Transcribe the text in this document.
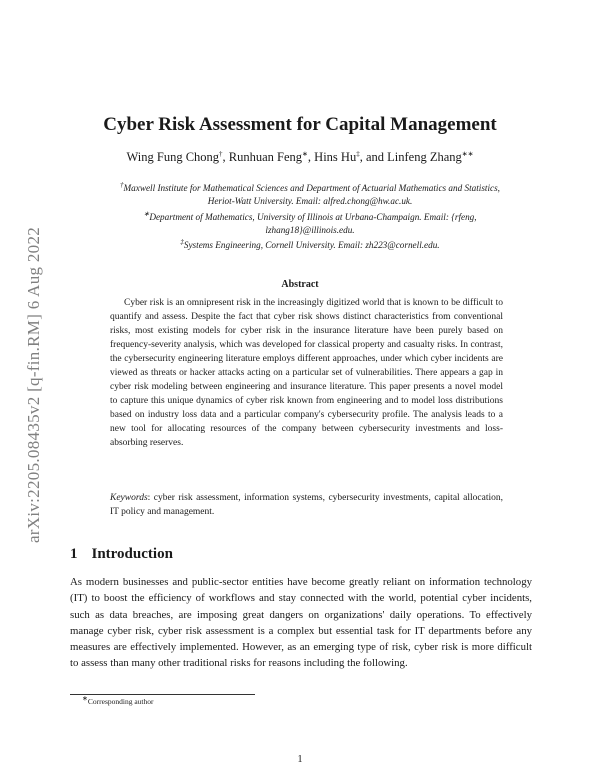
arXiv:2205.08435v2 [q-fin.RM] 6 Aug 2022
Cyber Risk Assessment for Capital Management
Wing Fung Chong†, Runhuan Feng∗, Hins Hu‡, and Linfeng Zhang∗∗
†Maxwell Institute for Mathematical Sciences and Department of Actuarial Mathematics and Statistics,
Heriot-Watt University. Email: alfred.chong@hw.ac.uk.
∗Department of Mathematics, University of Illinois at Urbana-Champaign. Email: {rfeng,
lzhang18}@illinois.edu.
‡Systems Engineering, Cornell University. Email: zh223@cornell.edu.
Abstract

Cyber risk is an omnipresent risk in the increasingly digitized world that is known to be difficult to quantify and assess. Despite the fact that cyber risk shows distinct characteristics from conventional risks, most existing models for cyber risk in the insurance literature have been purely based on frequency-severity analysis, which was developed for classical property and casualty risks. In contrast, the cybersecurity engineering literature employs different approaches, under which cyber incidents are viewed as threats or hacker attacks acting on a particular set of vulnerabilities. There appears a gap in cyber risk modeling between engineering and insurance literature. This paper presents a novel model to capture this unique dynamics of cyber risk known from engineering and to model loss distributions based on industry loss data and a particular company's cybersecurity profile. The analysis leads to a new tool for allocating resources of the company between cybersecurity investments and loss-absorbing reserves.

Keywords: cyber risk assessment, information systems, cybersecurity investments, capital allocation, IT policy and management.

1 Introduction

As modern businesses and public-sector entities have become greatly reliant on information technology (IT) to boost the efficiency of workflows and stay connected with the world, potential cyber incidents, such as data breaches, are imposing great dangers on organizations' daily operations. To effectively manage cyber risk, cyber risk assessment is a complex but essential task for IT departments before any measures are effectively implemented. However, as an emerging type of risk, cyber risk is more difficult to assess than many other traditional risks for reasons including the following.

∗Corresponding author
1
